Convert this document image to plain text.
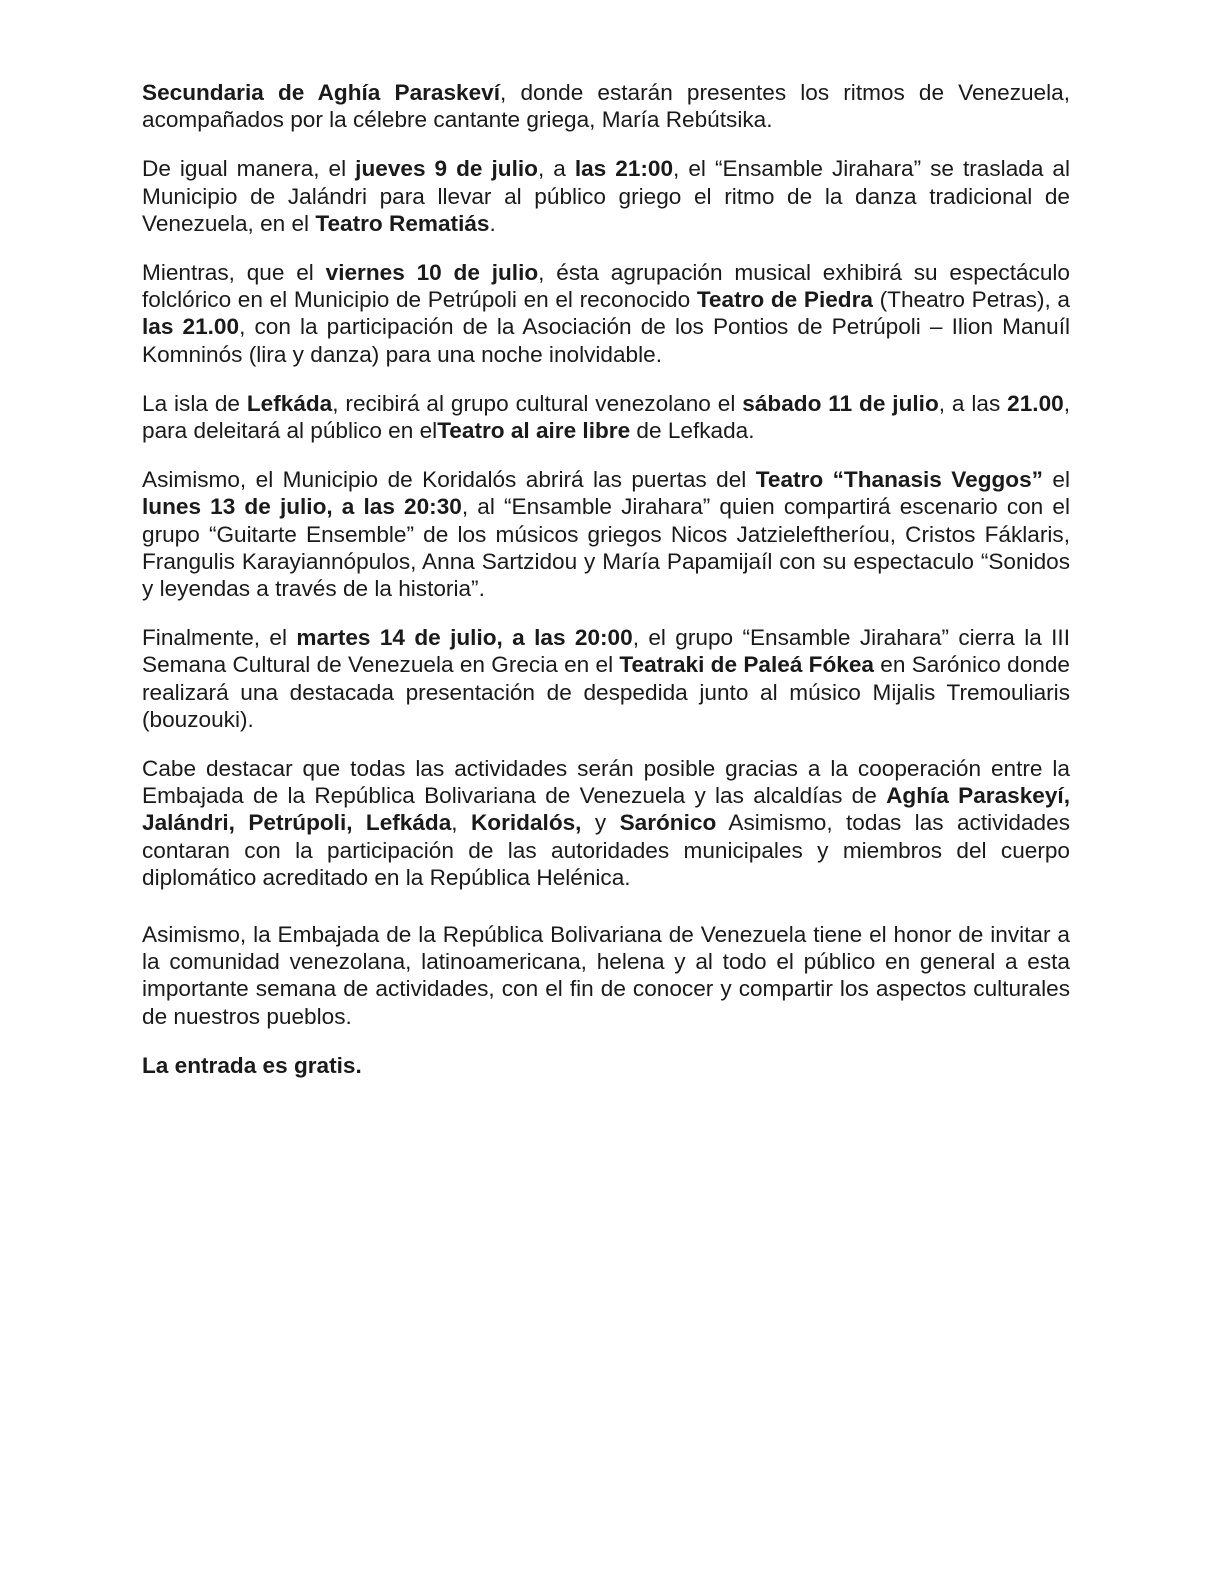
Secundaria de Aghía Paraskeví, donde estarán presentes los ritmos de Venezuela, acompañados por la célebre cantante griega, María Rebútsika.

De igual manera, el jueves 9 de julio, a las 21:00, el “Ensamble Jirahara” se traslada al Municipio de Jalándri para llevar al público griego el ritmo de la danza tradicional de Venezuela, en el Teatro Rematiás.

Mientras, que el viernes 10 de julio, ésta agrupación musical exhibirá su espectáculo folclórico en el Municipio de Petrúpoli en el reconocido Teatro de Piedra (Theatro Petras), a las 21.00, con la participación de la Asociación de los Pontios de Petrúpoli – Ilion Manuíl Komninós (lira y danza) para una noche inolvidable.

La isla de Lefkáda, recibirá al grupo cultural venezolano el sábado 11 de julio, a las 21.00, para deleitará al público en elTeatro al aire libre de Lefkada.

Asimismo, el Municipio de Koridalós abrirá las puertas del Teatro “Thanasis Veggos” el lunes 13 de julio, a las 20:30, al “Ensamble Jirahara” quien compartirá escenario con el grupo “Guitarte Ensemble” de los músicos griegos Nicos Jatzieleftheríou, Cristos Fáklaris, Frangulis Karayiannópulos, Anna Sartzidou y María Papamijaíl con su espectaculo “Sonidos y leyendas a través de la historia”.

Finalmente, el martes 14 de julio, a las 20:00, el grupo “Ensamble Jirahara” cierra la III Semana Cultural de Venezuela en Grecia en el Teatraki de Paleá Fókea en Sarónico donde realizará una destacada presentación de despedida junto al músico Mijalis Tremouliaris (bouzouki).

Cabe destacar que todas las actividades serán posible gracias a la cooperación entre la Embajada de la República Bolivariana de Venezuela y las alcaldías de Aghía Paraskeyí, Jalándri, Petrúpoli, Lefkáda, Koridalós, y Sarónico Asimismo, todas las actividades contaran con la participación de las autoridades municipales y miembros del cuerpo diplomático acreditado en la República Helénica.

Asimismo, la Embajada de la República Bolivariana de Venezuela tiene el honor de invitar a la comunidad venezolana, latinoamericana, helena y al todo el público en general a esta importante semana de actividades, con el fin de conocer y compartir los aspectos culturales de nuestros pueblos.

La entrada es gratis.
